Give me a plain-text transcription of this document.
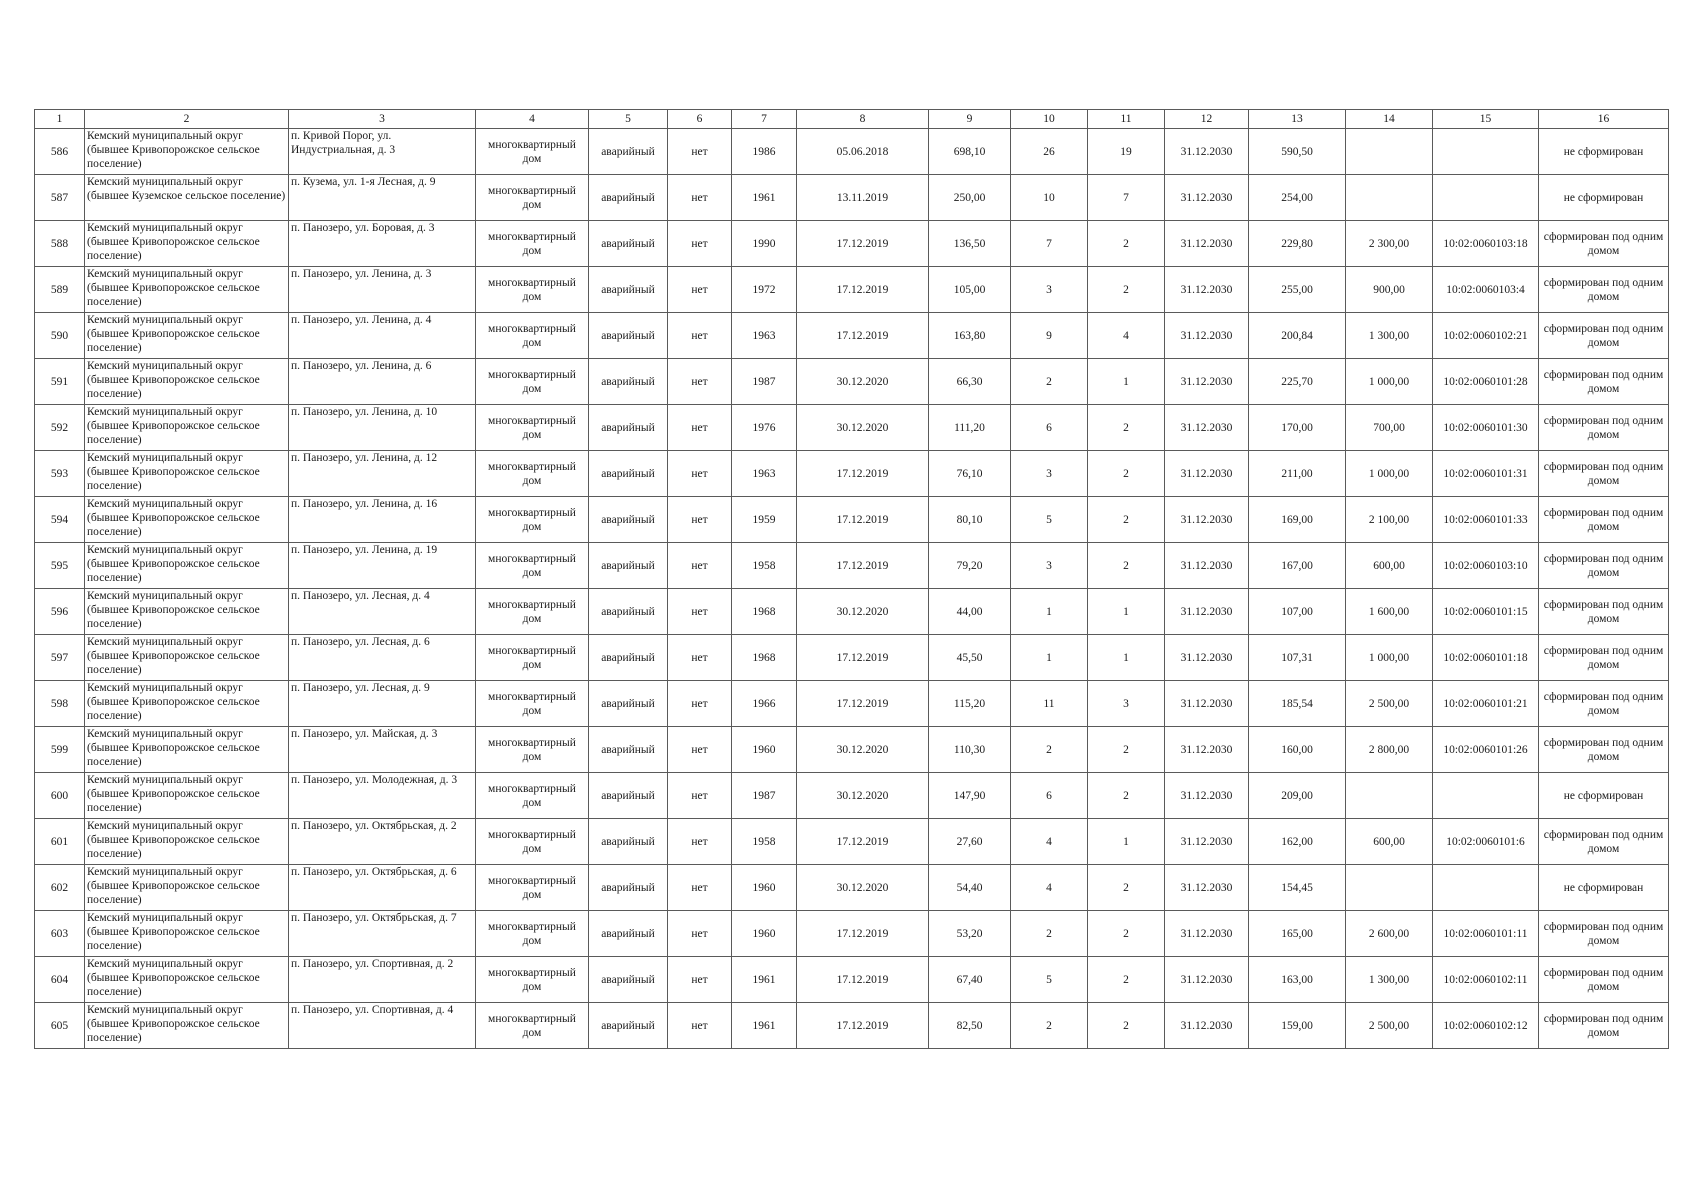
1	2	3	4	5	6	7	8	9	10	11	12	13	14	15	16
586	Кемский муниципальный округ (бывшее Кривопорожское сельское поселение)	п. Кривой Порог, ул. Индустриальная, д. 3	многоквартирный дом	аварийный	нет	1986	05.06.2018	698,10	26	19	31.12.2030	590,50			не сформирован
587	Кемский муниципальный округ (бывшее Куземское сельское поселение)	п. Кузема, ул. 1-я Лесная, д. 9	многоквартирный дом	аварийный	нет	1961	13.11.2019	250,00	10	7	31.12.2030	254,00			не сформирован
588	Кемский муниципальный округ (бывшее Кривопорожское сельское поселение)	п. Панозеро, ул. Боровая, д. 3	многоквартирный дом	аварийный	нет	1990	17.12.2019	136,50	7	2	31.12.2030	229,80	2 300,00	10:02:0060103:18	сформирован под одним домом
589	Кемский муниципальный округ (бывшее Кривопорожское сельское поселение)	п. Панозеро, ул. Ленина, д. 3	многоквартирный дом	аварийный	нет	1972	17.12.2019	105,00	3	2	31.12.2030	255,00	900,00	10:02:0060103:4	сформирован под одним домом
590	Кемский муниципальный округ (бывшее Кривопорожское сельское поселение)	п. Панозеро, ул. Ленина, д. 4	многоквартирный дом	аварийный	нет	1963	17.12.2019	163,80	9	4	31.12.2030	200,84	1 300,00	10:02:0060102:21	сформирован под одним домом
591	Кемский муниципальный округ (бывшее Кривопорожское сельское поселение)	п. Панозеро, ул. Ленина, д. 6	многоквартирный дом	аварийный	нет	1987	30.12.2020	66,30	2	1	31.12.2030	225,70	1 000,00	10:02:0060101:28	сформирован под одним домом
592	Кемский муниципальный округ (бывшее Кривопорожское сельское поселение)	п. Панозеро, ул. Ленина, д. 10	многоквартирный дом	аварийный	нет	1976	30.12.2020	111,20	6	2	31.12.2030	170,00	700,00	10:02:0060101:30	сформирован под одним домом
593	Кемский муниципальный округ (бывшее Кривопорожское сельское поселение)	п. Панозеро, ул. Ленина, д. 12	многоквартирный дом	аварийный	нет	1963	17.12.2019	76,10	3	2	31.12.2030	211,00	1 000,00	10:02:0060101:31	сформирован под одним домом
594	Кемский муниципальный округ (бывшее Кривопорожское сельское поселение)	п. Панозеро, ул. Ленина, д. 16	многоквартирный дом	аварийный	нет	1959	17.12.2019	80,10	5	2	31.12.2030	169,00	2 100,00	10:02:0060101:33	сформирован под одним домом
595	Кемский муниципальный округ (бывшее Кривопорожское сельское поселение)	п. Панозеро, ул. Ленина, д. 19	многоквартирный дом	аварийный	нет	1958	17.12.2019	79,20	3	2	31.12.2030	167,00	600,00	10:02:0060103:10	сформирован под одним домом
596	Кемский муниципальный округ (бывшее Кривопорожское сельское поселение)	п. Панозеро, ул. Лесная, д. 4	многоквартирный дом	аварийный	нет	1968	30.12.2020	44,00	1	1	31.12.2030	107,00	1 600,00	10:02:0060101:15	сформирован под одним домом
597	Кемский муниципальный округ (бывшее Кривопорожское сельское поселение)	п. Панозеро, ул. Лесная, д. 6	многоквартирный дом	аварийный	нет	1968	17.12.2019	45,50	1	1	31.12.2030	107,31	1 000,00	10:02:0060101:18	сформирован под одним домом
598	Кемский муниципальный округ (бывшее Кривопорожское сельское поселение)	п. Панозеро, ул. Лесная, д. 9	многоквартирный дом	аварийный	нет	1966	17.12.2019	115,20	11	3	31.12.2030	185,54	2 500,00	10:02:0060101:21	сформирован под одним домом
599	Кемский муниципальный округ (бывшее Кривопорожское сельское поселение)	п. Панозеро, ул. Майская, д. 3	многоквартирный дом	аварийный	нет	1960	30.12.2020	110,30	2	2	31.12.2030	160,00	2 800,00	10:02:0060101:26	сформирован под одним домом
600	Кемский муниципальный округ (бывшее Кривопорожское сельское поселение)	п. Панозеро, ул. Молодежная, д. 3	многоквартирный дом	аварийный	нет	1987	30.12.2020	147,90	6	2	31.12.2030	209,00			не сформирован
601	Кемский муниципальный округ (бывшее Кривопорожское сельское поселение)	п. Панозеро, ул. Октябрьская, д. 2	многоквартирный дом	аварийный	нет	1958	17.12.2019	27,60	4	1	31.12.2030	162,00	600,00	10:02:0060101:6	сформирован под одним домом
602	Кемский муниципальный округ (бывшее Кривопорожское сельское поселение)	п. Панозеро, ул. Октябрьская, д. 6	многоквартирный дом	аварийный	нет	1960	30.12.2020	54,40	4	2	31.12.2030	154,45			не сформирован
603	Кемский муниципальный округ (бывшее Кривопорожское сельское поселение)	п. Панозеро, ул. Октябрьская, д. 7	многоквартирный дом	аварийный	нет	1960	17.12.2019	53,20	2	2	31.12.2030	165,00	2 600,00	10:02:0060101:11	сформирован под одним домом
604	Кемский муниципальный округ (бывшее Кривопорожское сельское поселение)	п. Панозеро, ул. Спортивная, д. 2	многоквартирный дом	аварийный	нет	1961	17.12.2019	67,40	5	2	31.12.2030	163,00	1 300,00	10:02:0060102:11	сформирован под одним домом
605	Кемский муниципальный округ (бывшее Кривопорожское сельское поселение)	п. Панозеро, ул. Спортивная, д. 4	многоквартирный дом	аварийный	нет	1961	17.12.2019	82,50	2	2	31.12.2030	159,00	2 500,00	10:02:0060102:12	сформирован под одним домом
